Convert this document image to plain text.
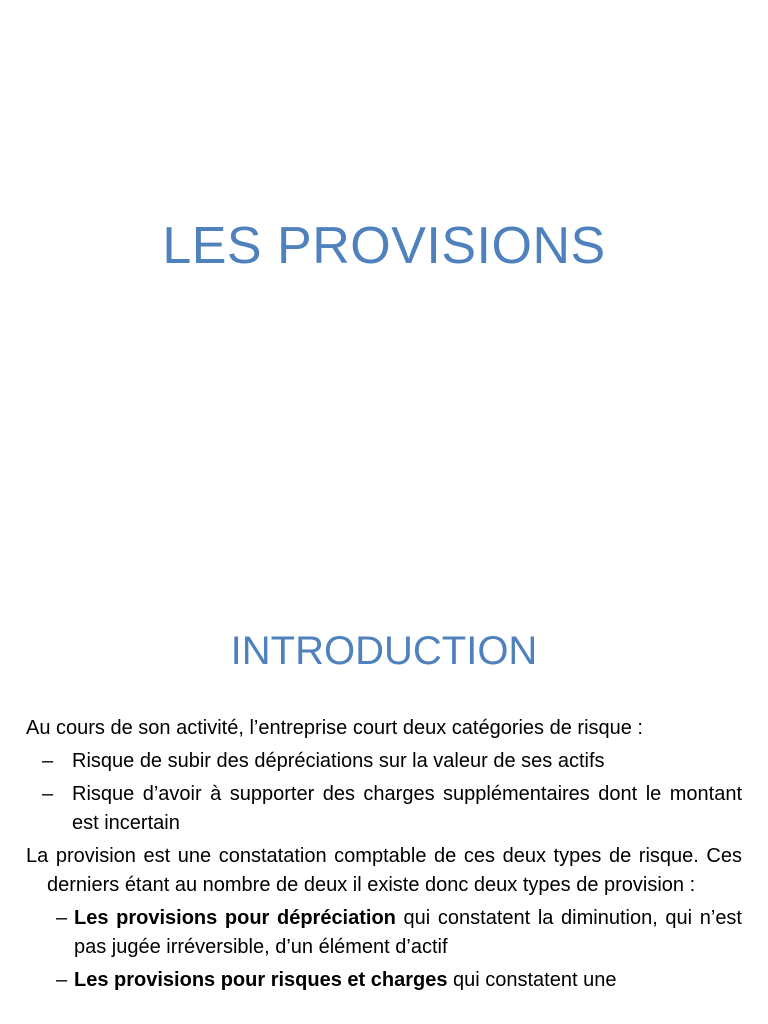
LES PROVISIONS
INTRODUCTION

Au cours de son activité, l’entreprise court deux catégories de risque :

– Risque de subir des dépréciations sur la valeur de ses actifs
– Risque d’avoir à supporter des charges supplémentaires dont le montant est incertain

La provision est une constatation comptable de ces deux types de risque. Ces derniers étant au nombre de deux il existe donc deux types de provision :

– Les provisions pour dépréciation qui constatent la diminution, qui n’est pas jugée irréversible, d’un élément d’actif
– Les provisions pour risques et charges qui constatent une
